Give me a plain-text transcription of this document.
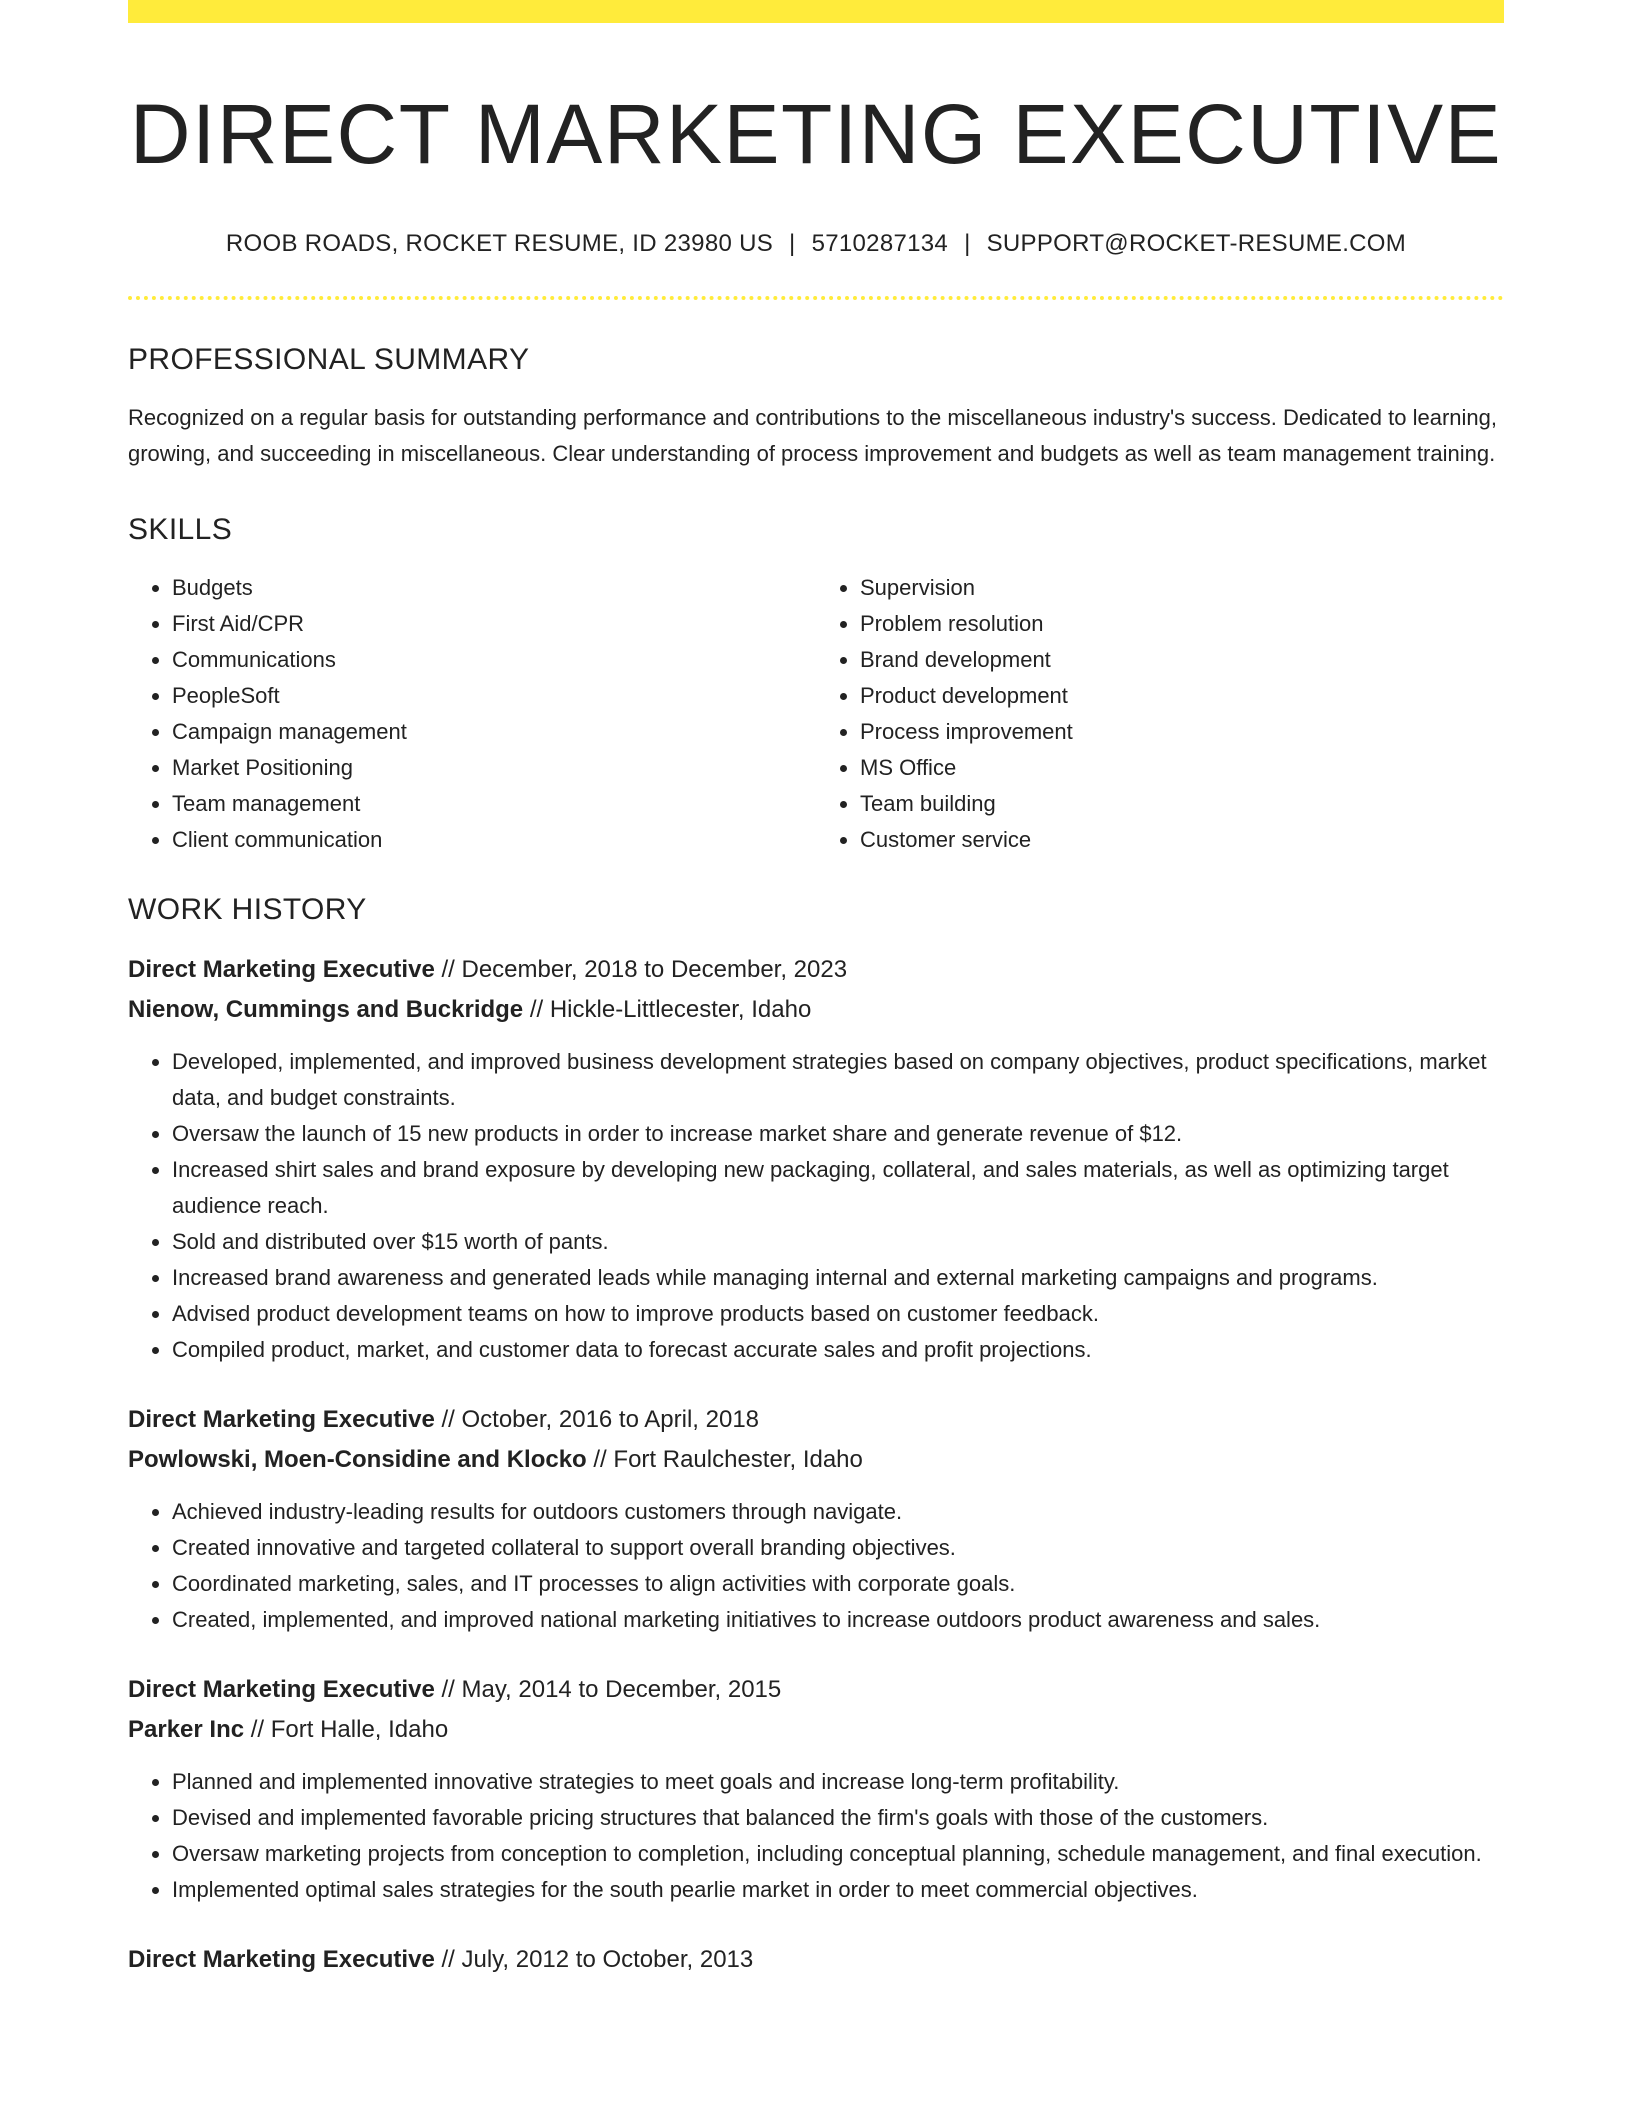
DIRECT MARKETING EXECUTIVE
ROOB ROADS, ROCKET RESUME, ID 23980 US | 5710287134 | SUPPORT@ROCKET-RESUME.COM
PROFESSIONAL SUMMARY

Recognized on a regular basis for outstanding performance and contributions to the miscellaneous industry's success. Dedicated to learning, growing, and succeeding in miscellaneous. Clear understanding of process improvement and budgets as well as team management training.

SKILLS
• Budgets
• First Aid/CPR
• Communications
• PeopleSoft
• Campaign management
• Market Positioning
• Team management
• Client communication
• Supervision
• Problem resolution
• Brand development
• Product development
• Process improvement
• MS Office
• Team building
• Customer service
WORK HISTORY
Direct Marketing Executive // December, 2018 to December, 2023
Nienow, Cummings and Buckridge // Hickle-Littlecester, Idaho
• Developed, implemented, and improved business development strategies based on company objectives, product specifications, market data, and budget constraints.
• Oversaw the launch of 15 new products in order to increase market share and generate revenue of $12.
• Increased shirt sales and brand exposure by developing new packaging, collateral, and sales materials, as well as optimizing target audience reach.
• Sold and distributed over $15 worth of pants.
• Increased brand awareness and generated leads while managing internal and external marketing campaigns and programs.
• Advised product development teams on how to improve products based on customer feedback.
• Compiled product, market, and customer data to forecast accurate sales and profit projections.
Direct Marketing Executive // October, 2016 to April, 2018
Powlowski, Moen-Considine and Klocko // Fort Raulchester, Idaho
• Achieved industry-leading results for outdoors customers through navigate.
• Created innovative and targeted collateral to support overall branding objectives.
• Coordinated marketing, sales, and IT processes to align activities with corporate goals.
• Created, implemented, and improved national marketing initiatives to increase outdoors product awareness and sales.
Direct Marketing Executive // May, 2014 to December, 2015
Parker Inc // Fort Halle, Idaho
• Planned and implemented innovative strategies to meet goals and increase long-term profitability.
• Devised and implemented favorable pricing structures that balanced the firm's goals with those of the customers.
• Oversaw marketing projects from conception to completion, including conceptual planning, schedule management, and final execution.
• Implemented optimal sales strategies for the south pearlie market in order to meet commercial objectives.
Direct Marketing Executive // July, 2012 to October, 2013
